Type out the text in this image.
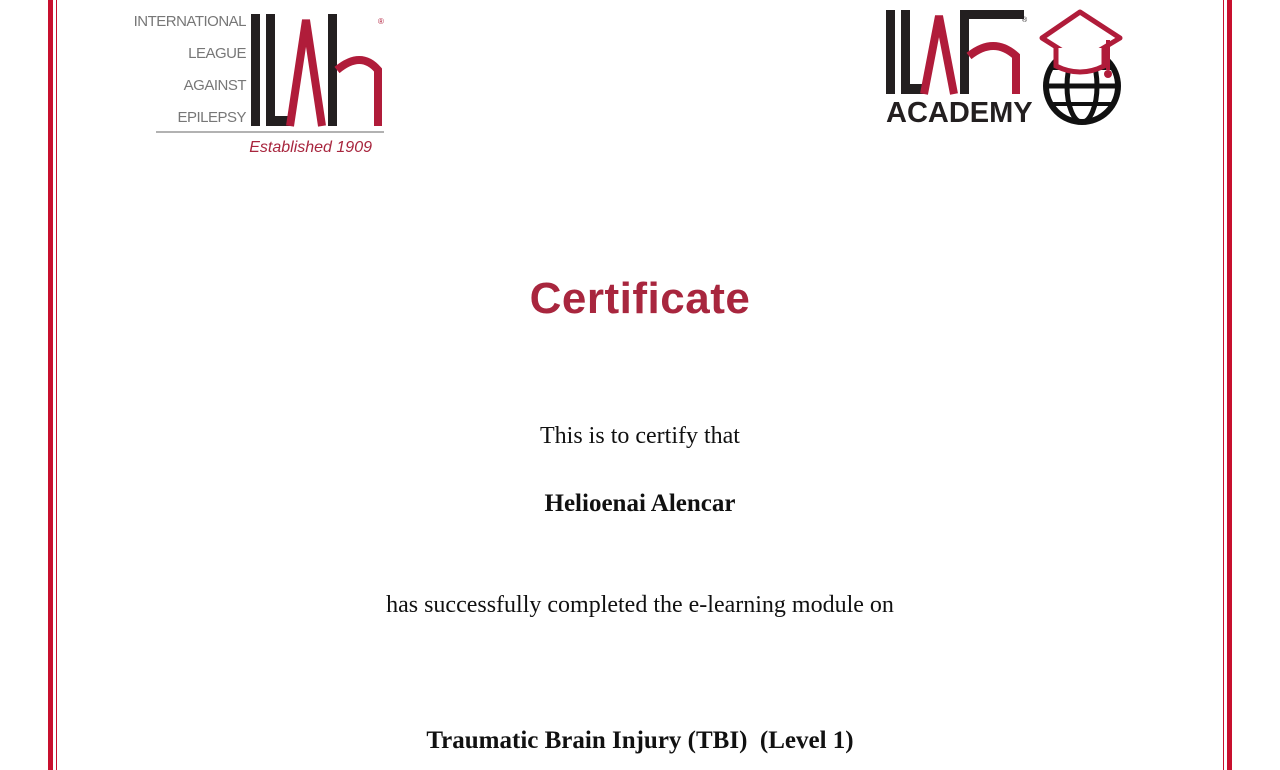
INTERNATIONAL
LEAGUE
AGAINST
EPILEPSY
®
Established 1909
®
ACADEMY
Certificate
This is to certify that
Helioenai Alencar
has successfully completed the e-learning module on
Traumatic Brain Injury (TBI)  (Level 1)
